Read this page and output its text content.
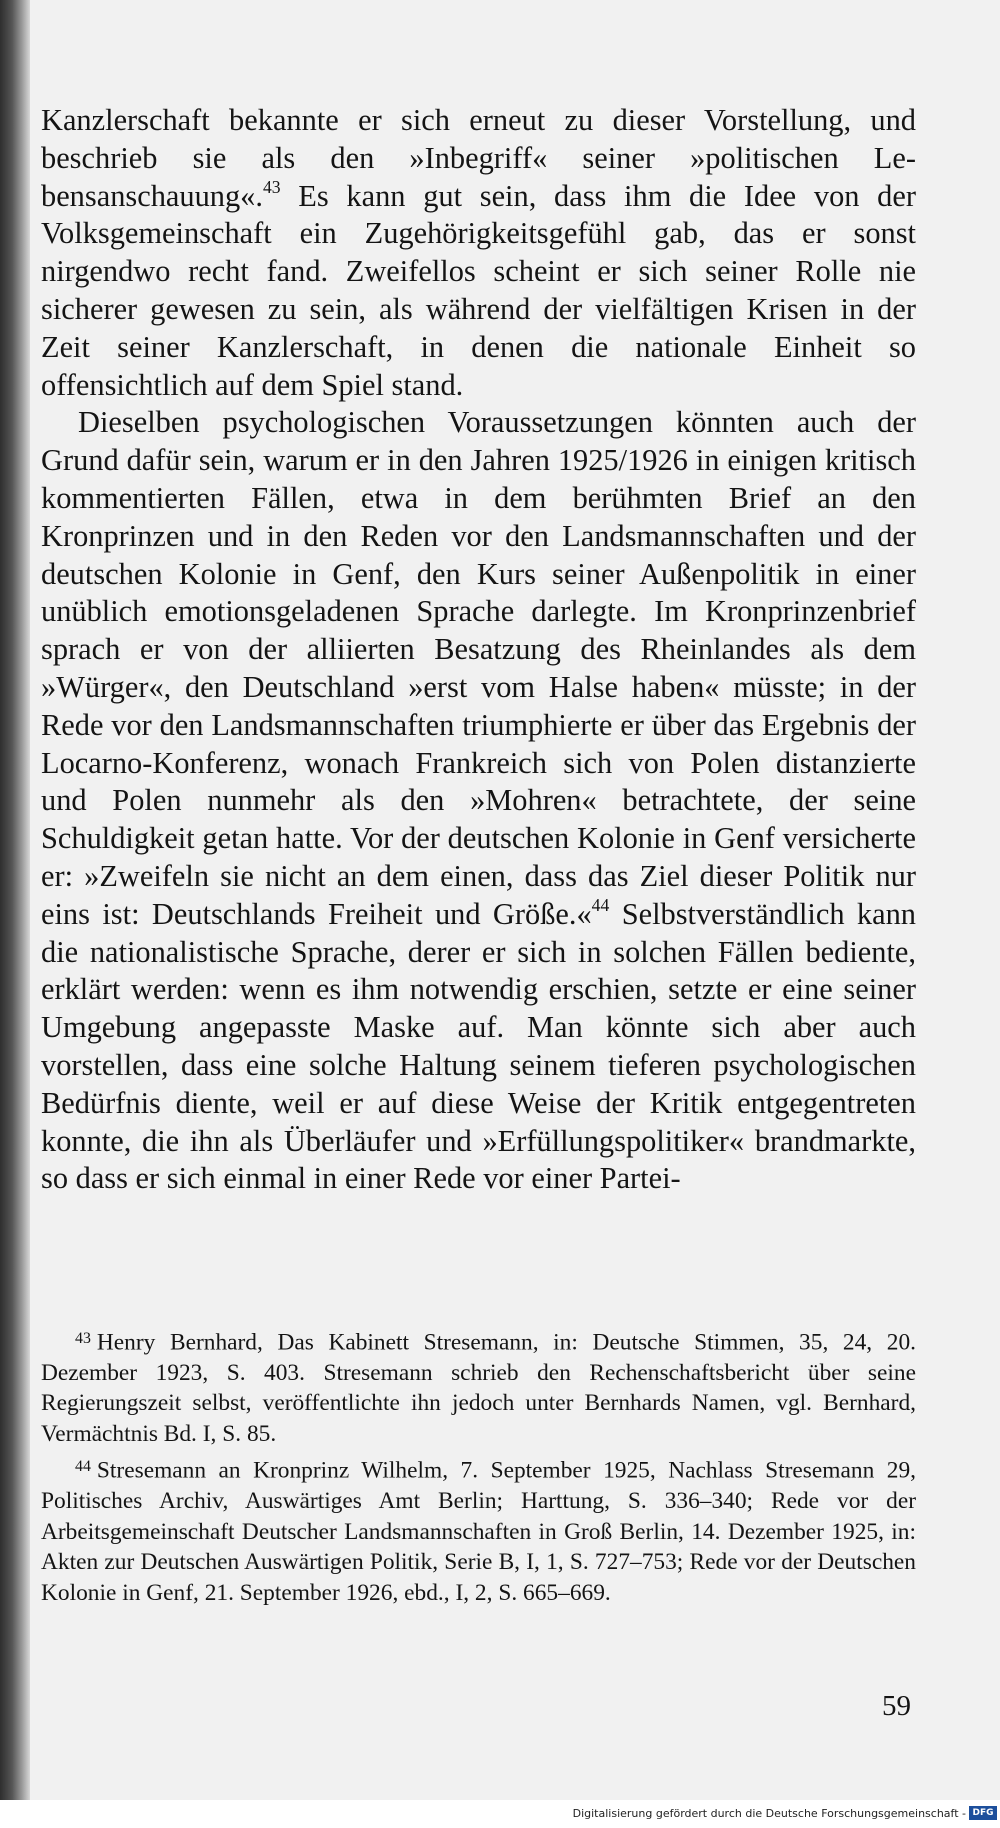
Kanzlerschaft bekannte er sich erneut zu dieser Vorstellung, und beschrieb sie als den »Inbegriff« seiner »politischen Lebensanschauung«.$^{43}$ Es kann gut sein, dass ihm die Idee von der Volksgemeinschaft ein Zugehörigkeitsgefühl gab, das er sonst nirgendwo recht fand. Zweifellos scheint er sich seiner Rolle nie sicherer gewesen zu sein, als während der vielfältigen Krisen in der Zeit seiner Kanzlerschaft, in denen die nationale Einheit so offensichtlich auf dem Spiel stand.

Dieselben psychologischen Voraussetzungen könnten auch der Grund dafür sein, warum er in den Jahren 1925/1926 in einigen kritisch kommentierten Fällen, etwa in dem berühmten Brief an den Kronprinzen und in den Reden vor den Landsmannschaften und der deutschen Kolonie in Genf, den Kurs seiner Außenpolitik in einer unüblich emotionsgeladenen Sprache darlegte. Im Kronprinzenbrief sprach er von der alliierten Besatzung des Rheinlandes als dem »Würger«, den Deutschland »erst vom Halse haben« müsste; in der Rede vor den Landsmannschaften triumphierte er über das Ergebnis der Locarno-Konferenz, wonach Frankreich sich von Polen distanzierte und Polen nunmehr als den »Mohren« betrachtete, der seine Schuldigkeit getan hatte. Vor der deutschen Kolonie in Genf versicherte er: »Zweifeln sie nicht an dem einen, dass das Ziel dieser Politik nur eins ist: Deutschlands Freiheit und Größe.«$^{44}$ Selbstverständlich kann die nationalistische Sprache, derer er sich in solchen Fällen bediente, erklärt werden: wenn es ihm notwendig erschien, setzte er eine seiner Umgebung angepasste Maske auf. Man könnte sich aber auch vorstellen, dass eine solche Haltung seinem tieferen psychologischen Bedürfnis diente, weil er auf diese Weise der Kritik entgegentreten konnte, die ihn als Überläufer und »Erfüllungspolitiker« brandmarkte, so dass er sich einmal in einer Rede vor einer Partei-

$^{43}$ Henry Bernhard, Das Kabinett Stresemann, in: Deutsche Stimmen, 35, 24, 20. Dezember 1923, S. 403. Stresemann schrieb den Rechenschaftsbericht über seine Regierungszeit selbst, veröffentlichte ihn jedoch unter Bernhards Namen, vgl. Bernhard, Vermächtnis Bd. I, S. 85.

$^{44}$ Stresemann an Kronprinz Wilhelm, 7. September 1925, Nachlass Stresemann 29, Politisches Archiv, Auswärtiges Amt Berlin; Harttung, S. 336–340; Rede vor der Arbeitsgemeinschaft Deutscher Landsmannschaften in Groß Berlin, 14. Dezember 1925, in: Akten zur Deutschen Auswärtigen Politik, Serie B, I, 1, S. 727–753; Rede vor der Deutschen Kolonie in Genf, 21. September 1926, ebd., I, 2, S. 665–669.

59
Digitalisierung gefördert durch die Deutsche Forschungsgemeinschaft - DFG
